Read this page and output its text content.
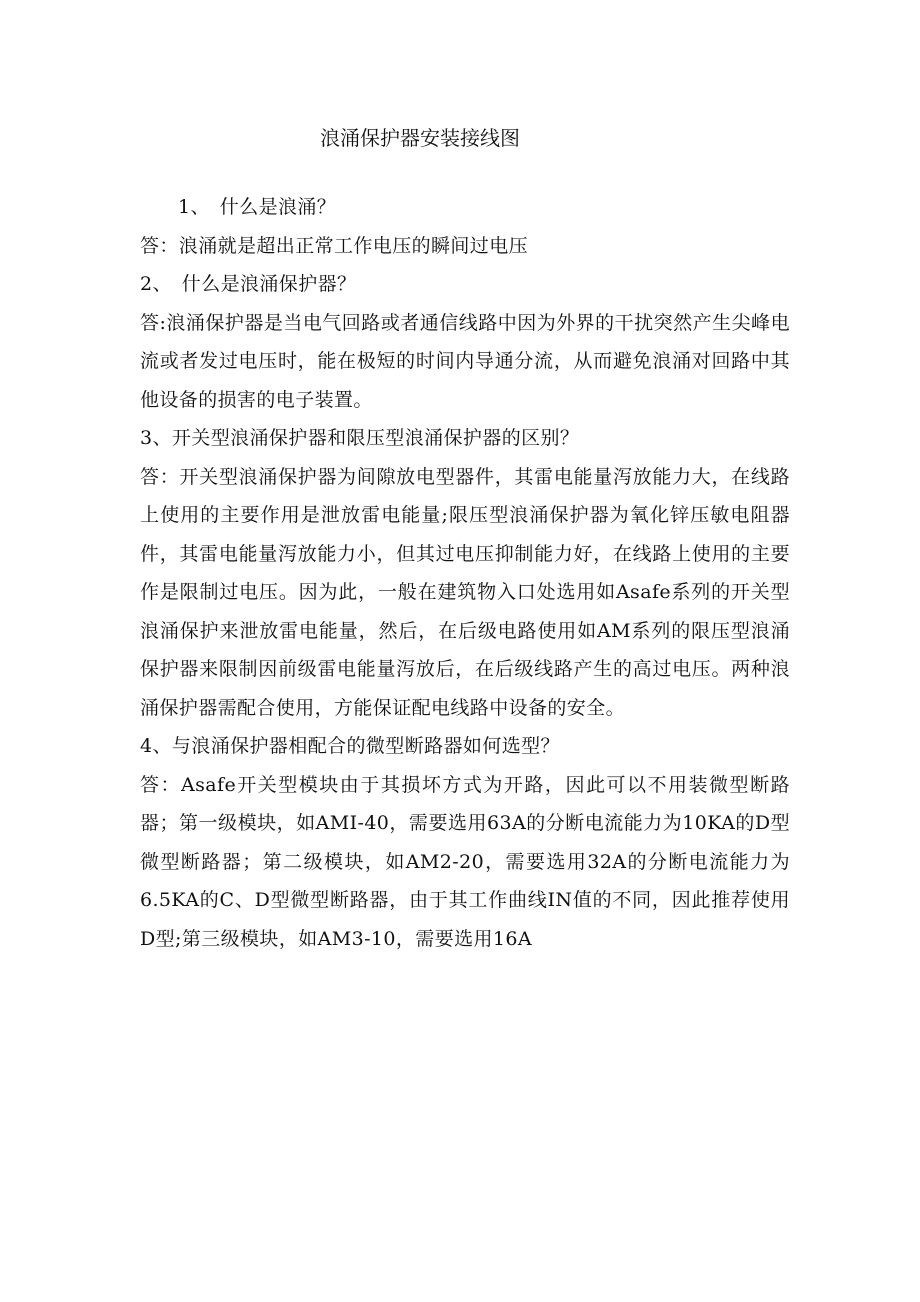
浪涌保护器安装接线图

1、　什么是浪涌？

答：浪涌就是超出正常工作电压的瞬间过电压

2、　什么是浪涌保护器？

答:浪涌保护器是当电气回路或者通信线路中因为外界的干扰突然产生尖峰电流或者发过电压时，能在极短的时间内导通分流，从而避免浪涌对回路中其他设备的损害的电子装置。

3、开关型浪涌保护器和限压型浪涌保护器的区别？

答：开关型浪涌保护器为间隙放电型器件，其雷电能量泻放能力大，在线路上使用的主要作用是泄放雷电能量;限压型浪涌保护器为氧化锌压敏电阻器件，其雷电能量泻放能力小，但其过电压抑制能力好，在线路上使用的主要作是限制过电压。因为此，一般在建筑物入口处选用如Asafe系列的开关型浪涌保护来泄放雷电能量，然后，在后级电路使用如AM系列的限压型浪涌保护器来限制因前级雷电能量泻放后，在后级线路产生的高过电压。两种浪涌保护器需配合使用，方能保证配电线路中设备的安全。

4、与浪涌保护器相配合的微型断路器如何选型？

答：Asafe开关型模块由于其损坏方式为开路，因此可以不用装微型断路器；第一级模块，如AMI-40，需要选用63A的分断电流能力为10KA的D型微型断路器；第二级模块，如AM2-20，需要选用32A的分断电流能力为6.5KA的C、D型微型断路器，由于其工作曲线IN值的不同，因此推荐使用D型;第三级模块，如AM3-10，需要选用16A
